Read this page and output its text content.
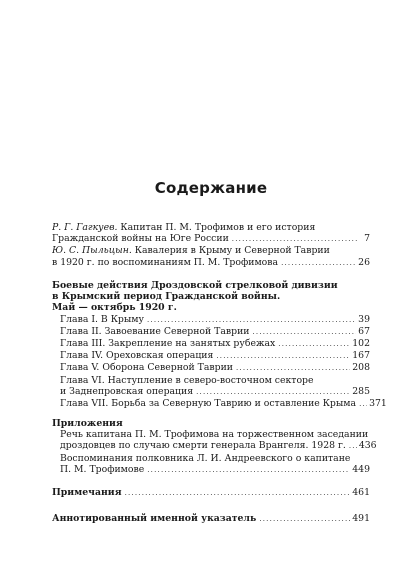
Содержание
Р. Г. Гагкуев. Капитан П. М. Трофимов и его история
Гражданской войны на Юге России .....	7
Ю. С. Пыльцын. Кавалерия в Крыму и Северной Таврии
в 1920 г. по воспоминаниям П. М. Трофимова .....	26
Боевые действия Дроздовской стрелковой дивизии
в Крымский период Гражданской войны.
Май — октябрь 1920 г.
Глава I. В Крыму .....	39
Глава II. Завоевание Северной Таврии .....	67
Глава III. Закрепление на занятых рубежах .....	102
Глава IV. Ореховская операция .....	167
Глава V. Оборона Северной Таврии .....	208
Глава VI. Наступление в северо-восточном секторе
и Заднепровская операция .....	285
Глава VII. Борьба за Северную Таврию и оставление Крыма ..... 371
Приложения
Речь капитана П. М. Трофимова на торжественном заседании
дроздовцев по случаю смерти генерала Врангеля. 1928 г. ..... 436
Воспоминания полковника Л. И. Андреевского о капитане
П. М. Трофимове .....	449
Примечания .....	461
Аннотированный именной указатель .....	491
